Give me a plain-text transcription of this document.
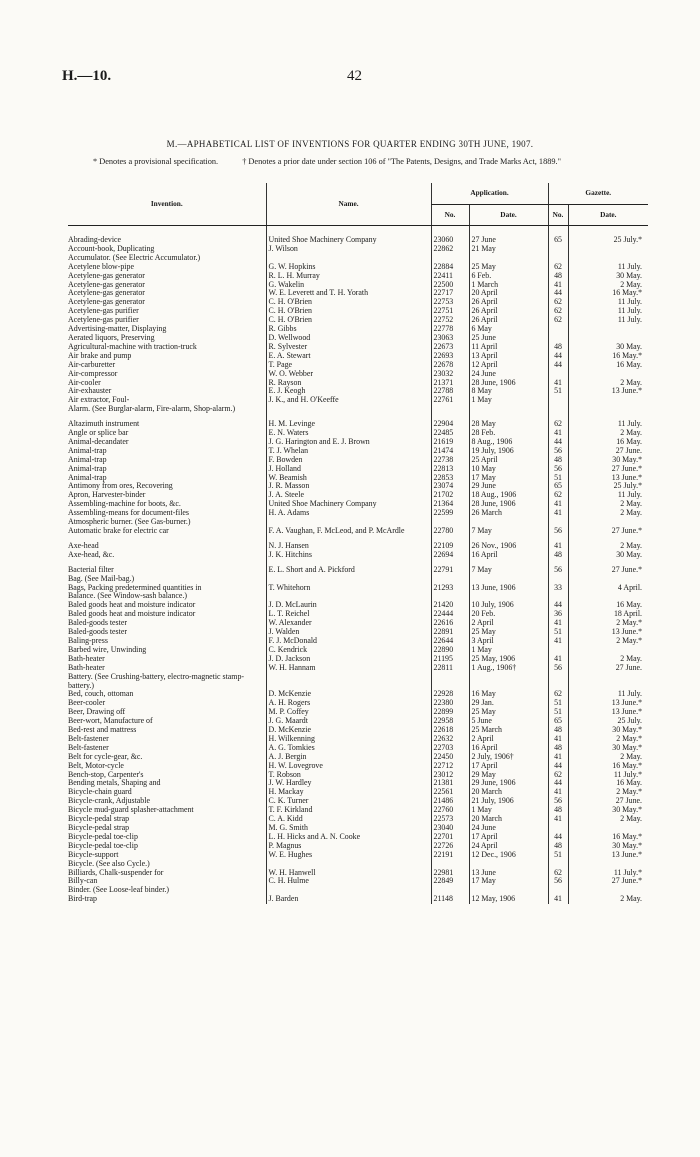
H.—10.	42
M.—APHABETICAL LIST OF INVENTIONS FOR QUARTER ENDING 30TH JUNE, 1907.
* Denotes a provisional specification.	† Denotes a prior date under section 106 of "The Patents, Designs, and Trade Marks Act, 1889."
Invention.	Name.	Application.		Gazette.	
		No.	Date.	No.	Date.

Abrading-device	United Shoe Machinery Company	23060	27 June	65	25 July.*
Account-book, Duplicating	J. Wilson	22862	21 May		
Accumulator. (See Electric Accumulator.)					
Acetylene blow-pipe	G. W. Hopkins	22884	25 May	62	11 July.
Acetylene-gas generator	R. L. H. Murray	22411	6 Feb.	48	30 May.
Acetylene-gas generator	G. Wakelin	22500	1 March	41	2 May.
Acetylene-gas generator	W. E. Leverett and T. H. Yorath	22717	20 April	44	16 May.*
Acetylene-gas generator	C. H. O'Brien	22753	26 April	62	11 July.
Acetylene-gas purifier	C. H. O'Brien	22751	26 April	62	11 July.
Acetylene-gas purifier	C. H. O'Brien	22752	26 April	62	11 July.
Advertising-matter, Displaying	R. Gibbs	22778	6 May		
Aerated liquors, Preserving	D. Wellwood	23063	25 June		
Agricultural-machine with traction-truck	R. Sylvester	22673	11 April	48	30 May.
Air brake and pump	E. A. Stewart	22693	13 April	44	16 May.*
Air-carburetter	T. Page	22678	12 April	44	16 May.
Air-compressor	W. O. Webber	23032	24 June		
Air-cooler	R. Rayson	21371	28 June, 1906	41	2 May.
Air-exhauster	E. J. Keogh	22788	8 May	51	13 June.*
Air extractor, Foul-	J. K., and H. O'Keeffe	22761	1 May		
Alarm. (See Burglar-alarm, Fire-alarm, Shop-alarm.)					

Altazimuth instrument	H. M. Levinge	22904	28 May	62	11 July.
Angle or splice bar	E. N. Waters	22485	28 Feb.	41	2 May.
Animal-decandater	J. G. Harington and E. J. Brown	21619	8 Aug., 1906	44	16 May.
Animal-trap	T. J. Whelan	21474	19 July, 1906	56	27 June.
Animal-trap	F. Bowden	22738	25 April	48	30 May.*
Animal-trap	J. Holland	22813	10 May	56	27 June.*
Animal-trap	W. Beamish	22853	17 May	51	13 June.*
Antimony from ores, Recovering	J. R. Masson	23074	29 June	65	25 July.*
Apron, Harvester-binder	J. A. Steele	21702	18 Aug., 1906	62	11 July.
Assembling-machine for boots, &c.	United Shoe Machinery Company	21364	28 June, 1906	41	2 May.
Assembling-means for document-files	H. A. Adams	22599	26 March	41	2 May.
Atmospheric burner. (See Gas-burner.)					
Automatic brake for electric car	F. A. Vaughan, F. McLeod, and P. McArdle	22780	7 May	56	27 June.*

Axe-head	N. J. Hansen	22109	26 Nov., 1906	41	2 May.
Axe-head, &c.	J. K. Hitchins	22694	16 April	48	30 May.

Bacterial filter	E. L. Short and A. Pickford	22791	7 May	56	27 June.*
Bag. (See Mail-bag.)					
Bags, Packing predetermined quantities in	T. Whitehorn	21293	13 June, 1906	33	4 April.
Balance. (See Window-sash balance.)					
Baled goods heat and moisture indicator	J. D. McLaurin	21420	10 July, 1906	44	16 May.
Baled goods heat and moisture indicator	L. T. Reichel	22444	20 Feb.	36	18 April.
Baled-goods tester	W. Alexander	22616	2 April	41	2 May.*
Baled-goods tester	J. Walden	22891	25 May	51	13 June.*
Baling-press	F. J. McDonald	22644	3 April	41	2 May.*
Barbed wire, Unwinding	C. Kendrick	22890	1 May		
Bath-heater	J. D. Jackson	21195	25 May, 1906	41	2 May.
Bath-heater	W. H. Hannam	22811	1 Aug., 1906†	56	27 June.
Battery. (See Crushing-battery, electro-magnetic stamp-battery.)					
Bed, couch, ottoman	D. McKenzie	22928	16 May	62	11 July.
Beer-cooler	A. H. Rogers	22380	29 Jan.	51	13 June.*
Beer, Drawing off	M. P. Coffey	22899	25 May	51	13 June.*
Beer-wort, Manufacture of	J. G. Maardt	22958	5 June	65	25 July.
Bed-rest and mattress	D. McKenzie	22618	25 March	48	30 May.*
Belt-fastener	H. Wilkenning	22632	2 April	41	2 May.*
Belt-fastener	A. G. Tomkies	22703	16 April	48	30 May.*
Belt for cycle-gear, &c.	A. J. Bergin	22450	2 July, 1906†	41	2 May.
Belt, Motor-cycle	H. W. Lovegrove	22712	17 April	44	16 May.*
Bench-stop, Carpenter's	T. Robson	23012	29 May	62	11 July.*
Bending metals, Shaping and	J. W. Hardley	21381	29 June, 1906	44	16 May.
Bicycle-chain guard	H. Mackay	22561	20 March	41	2 May.*
Bicycle-crank, Adjustable	C. K. Turner	21486	21 July, 1906	56	27 June.
Bicycle mud-guard splasher-attachment	T. F. Kirkland	22760	1 May	48	30 May.*
Bicycle-pedal strap	C. A. Kidd	22573	20 March	41	2 May.
Bicycle-pedal strap	M. G. Smith	23040	24 June		
Bicycle-pedal toe-clip	L. H. Hicks and A. N. Cooke	22701	17 April	44	16 May.*
Bicycle-pedal toe-clip	P. Magnus	22726	24 April	48	30 May.*
Bicycle-support	W. E. Hughes	22191	12 Dec., 1906	51	13 June.*
Bicycle. (See also Cycle.)					
Billiards, Chalk-suspender for	W. H. Hanwell	22981	13 June	62	11 July.*
Billy-can	C. H. Hulme	22849	17 May	56	27 June.*
Binder. (See Loose-leaf binder.)					
Bird-trap	J. Barden	21148	12 May, 1906	41	2 May.
